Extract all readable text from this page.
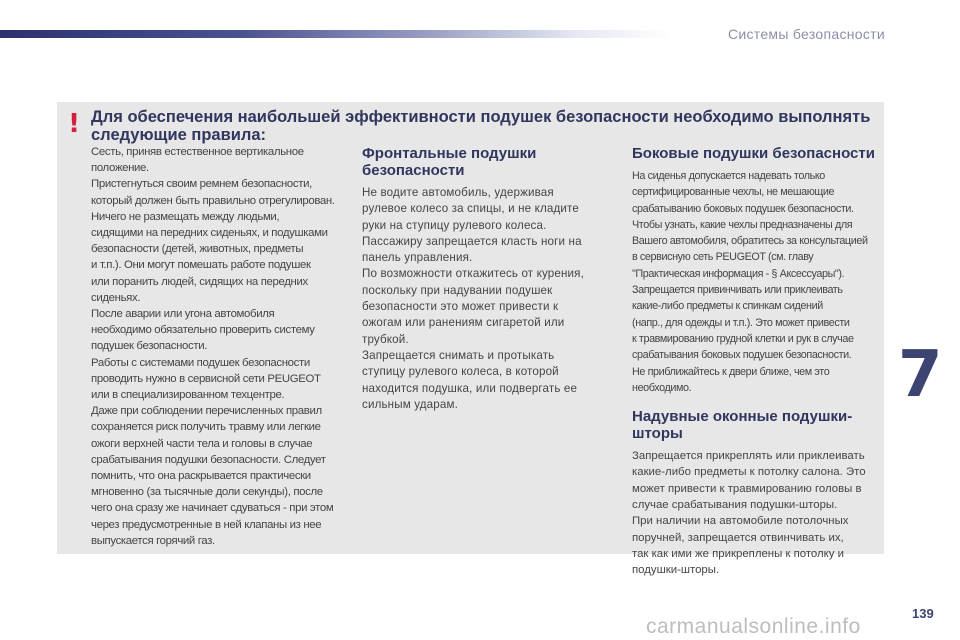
Системы безопасности
! Для обеспечения наибольшей эффективности подушек безопасности необходимо выполнять
следующие правила:
Сесть, приняв естественное вертикальное
положение.
Пристегнуться своим ремнем безопасности,
который должен быть правильно отрегулирован.
Ничего не размещать между людьми,
сидящими на передних сиденьях, и подушками
безопасности (детей, животных, предметы
и т.п.). Они могут помешать работе подушек
или поранить людей, сидящих на передних
сиденьях.
После аварии или угона автомобиля
необходимо обязательно проверить систему
подушек безопасности.
Работы с системами подушек безопасности
проводить нужно в сервисной сети PEUGEOT
или в специализированном техцентре.
Даже при соблюдении перечисленных правил
сохраняется риск получить травму или легкие
ожоги верхней части тела и головы в случае
срабатывания подушки безопасности. Следует
помнить, что она раскрывается практически
мгновенно (за тысячные доли секунды), после
чего она сразу же начинает сдуваться - при этом
через предусмотренные в ней клапаны из нее
выпускается горячий газ.
Фронтальные подушки
безопасности
Не водите автомобиль, удерживая
рулевое колесо за спицы, и не кладите
руки на ступицу рулевого колеса.
Пассажиру запрещается класть ноги на
панель управления.
По возможности откажитесь от курения,
поскольку при надувании подушек
безопасности это может привести к
ожогам или ранениям сигаретой или
трубкой.
Запрещается снимать и протыкать
ступицу рулевого колеса, в которой
находится подушка, или подвергать ее
сильным ударам.
Боковые подушки безопасности
На сиденья допускается надевать только
сертифицированные чехлы, не мешающие
срабатыванию боковых подушек безопасности.
Чтобы узнать, какие чехлы предназначены для
Вашего автомобиля, обратитесь за консультацией
в сервисную сеть PEUGEOT (см. главу
"Практическая информация - § Аксессуары").
Запрещается привинчивать или приклеивать
какие-либо предметы к спинкам сидений
(напр., для одежды и т.п.). Это может привести
к травмированию грудной клетки и рук в случае
срабатывания боковых подушек безопасности.
Не приближайтесь к двери ближе, чем это
необходимо.
Надувные оконные подушки-
шторы
Запрещается прикреплять или приклеивать
какие-либо предметы к потолку салона. Это
может привести к травмированию головы в
случае срабатывания подушки-шторы.
При наличии на автомобиле потолочных
поручней, запрещается отвинчивать их,
так как ими же прикреплены к потолку и
подушки-шторы.
7
139
carmanualsonline.info
